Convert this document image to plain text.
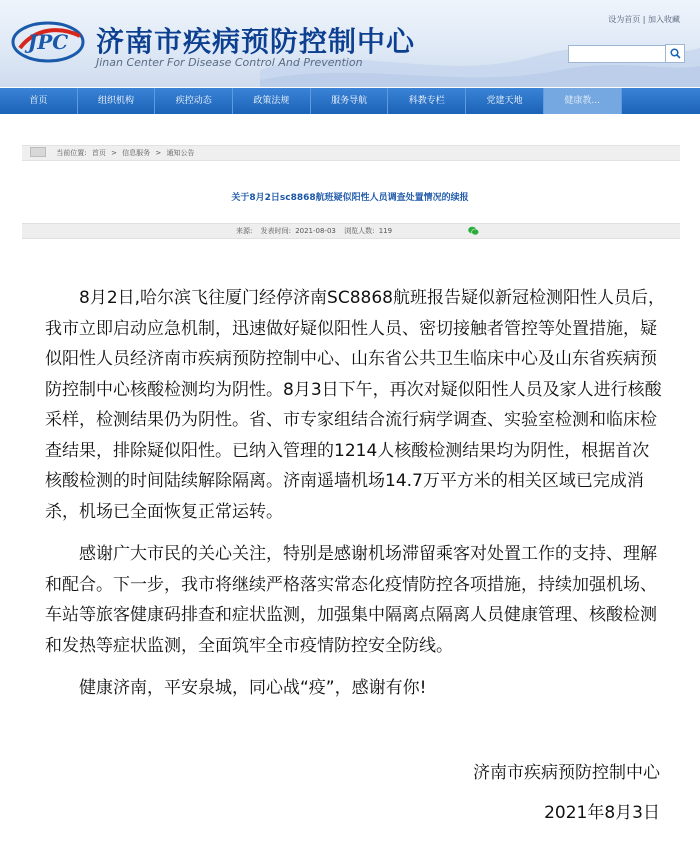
JPC 济南市疾病预防控制中心
Jinan Center For Disease Control And Prevention
设为首页 | 加入收藏
首页	组织机构	疾控动态	政策法规	服务导航	科教专栏	党建天地	健康教...
当前位置: 首页 > 信息服务 > 通知公告
关于8月2日sc8868航班疑似阳性人员调查处置情况的续报
来源: 发表时间: 2021-08-03 浏览人数: 119

8月2日,哈尔滨飞往厦门经停济南SC8868航班报告疑似新冠检测阳性人员后，我市立即启动应急机制，迅速做好疑似阳性人员、密切接触者管控等处置措施，疑似阳性人员经济南市疾病预防控制中心、山东省公共卫生临床中心及山东省疾病预防控制中心核酸检测均为阴性。8月3日下午，再次对疑似阳性人员及家人进行核酸采样，检测结果仍为阴性。省、市专家组结合流行病学调查、实验室检测和临床检查结果，排除疑似阳性。已纳入管理的1214人核酸检测结果均为阴性，根据首次核酸检测的时间陆续解除隔离。济南遥墙机场14.7万平方米的相关区域已完成消杀，机场已全面恢复正常运转。

感谢广大市民的关心关注，特别是感谢机场滞留乘客对处置工作的支持、理解和配合。下一步，我市将继续严格落实常态化疫情防控各项措施，持续加强机场、车站等旅客健康码排查和症状监测，加强集中隔离点隔离人员健康管理、核酸检测和发热等症状监测，全面筑牢全市疫情防控安全防线。

健康济南，平安泉城，同心战“疫”，感谢有你!

济南市疾病预防控制中心
2021年8月3日
